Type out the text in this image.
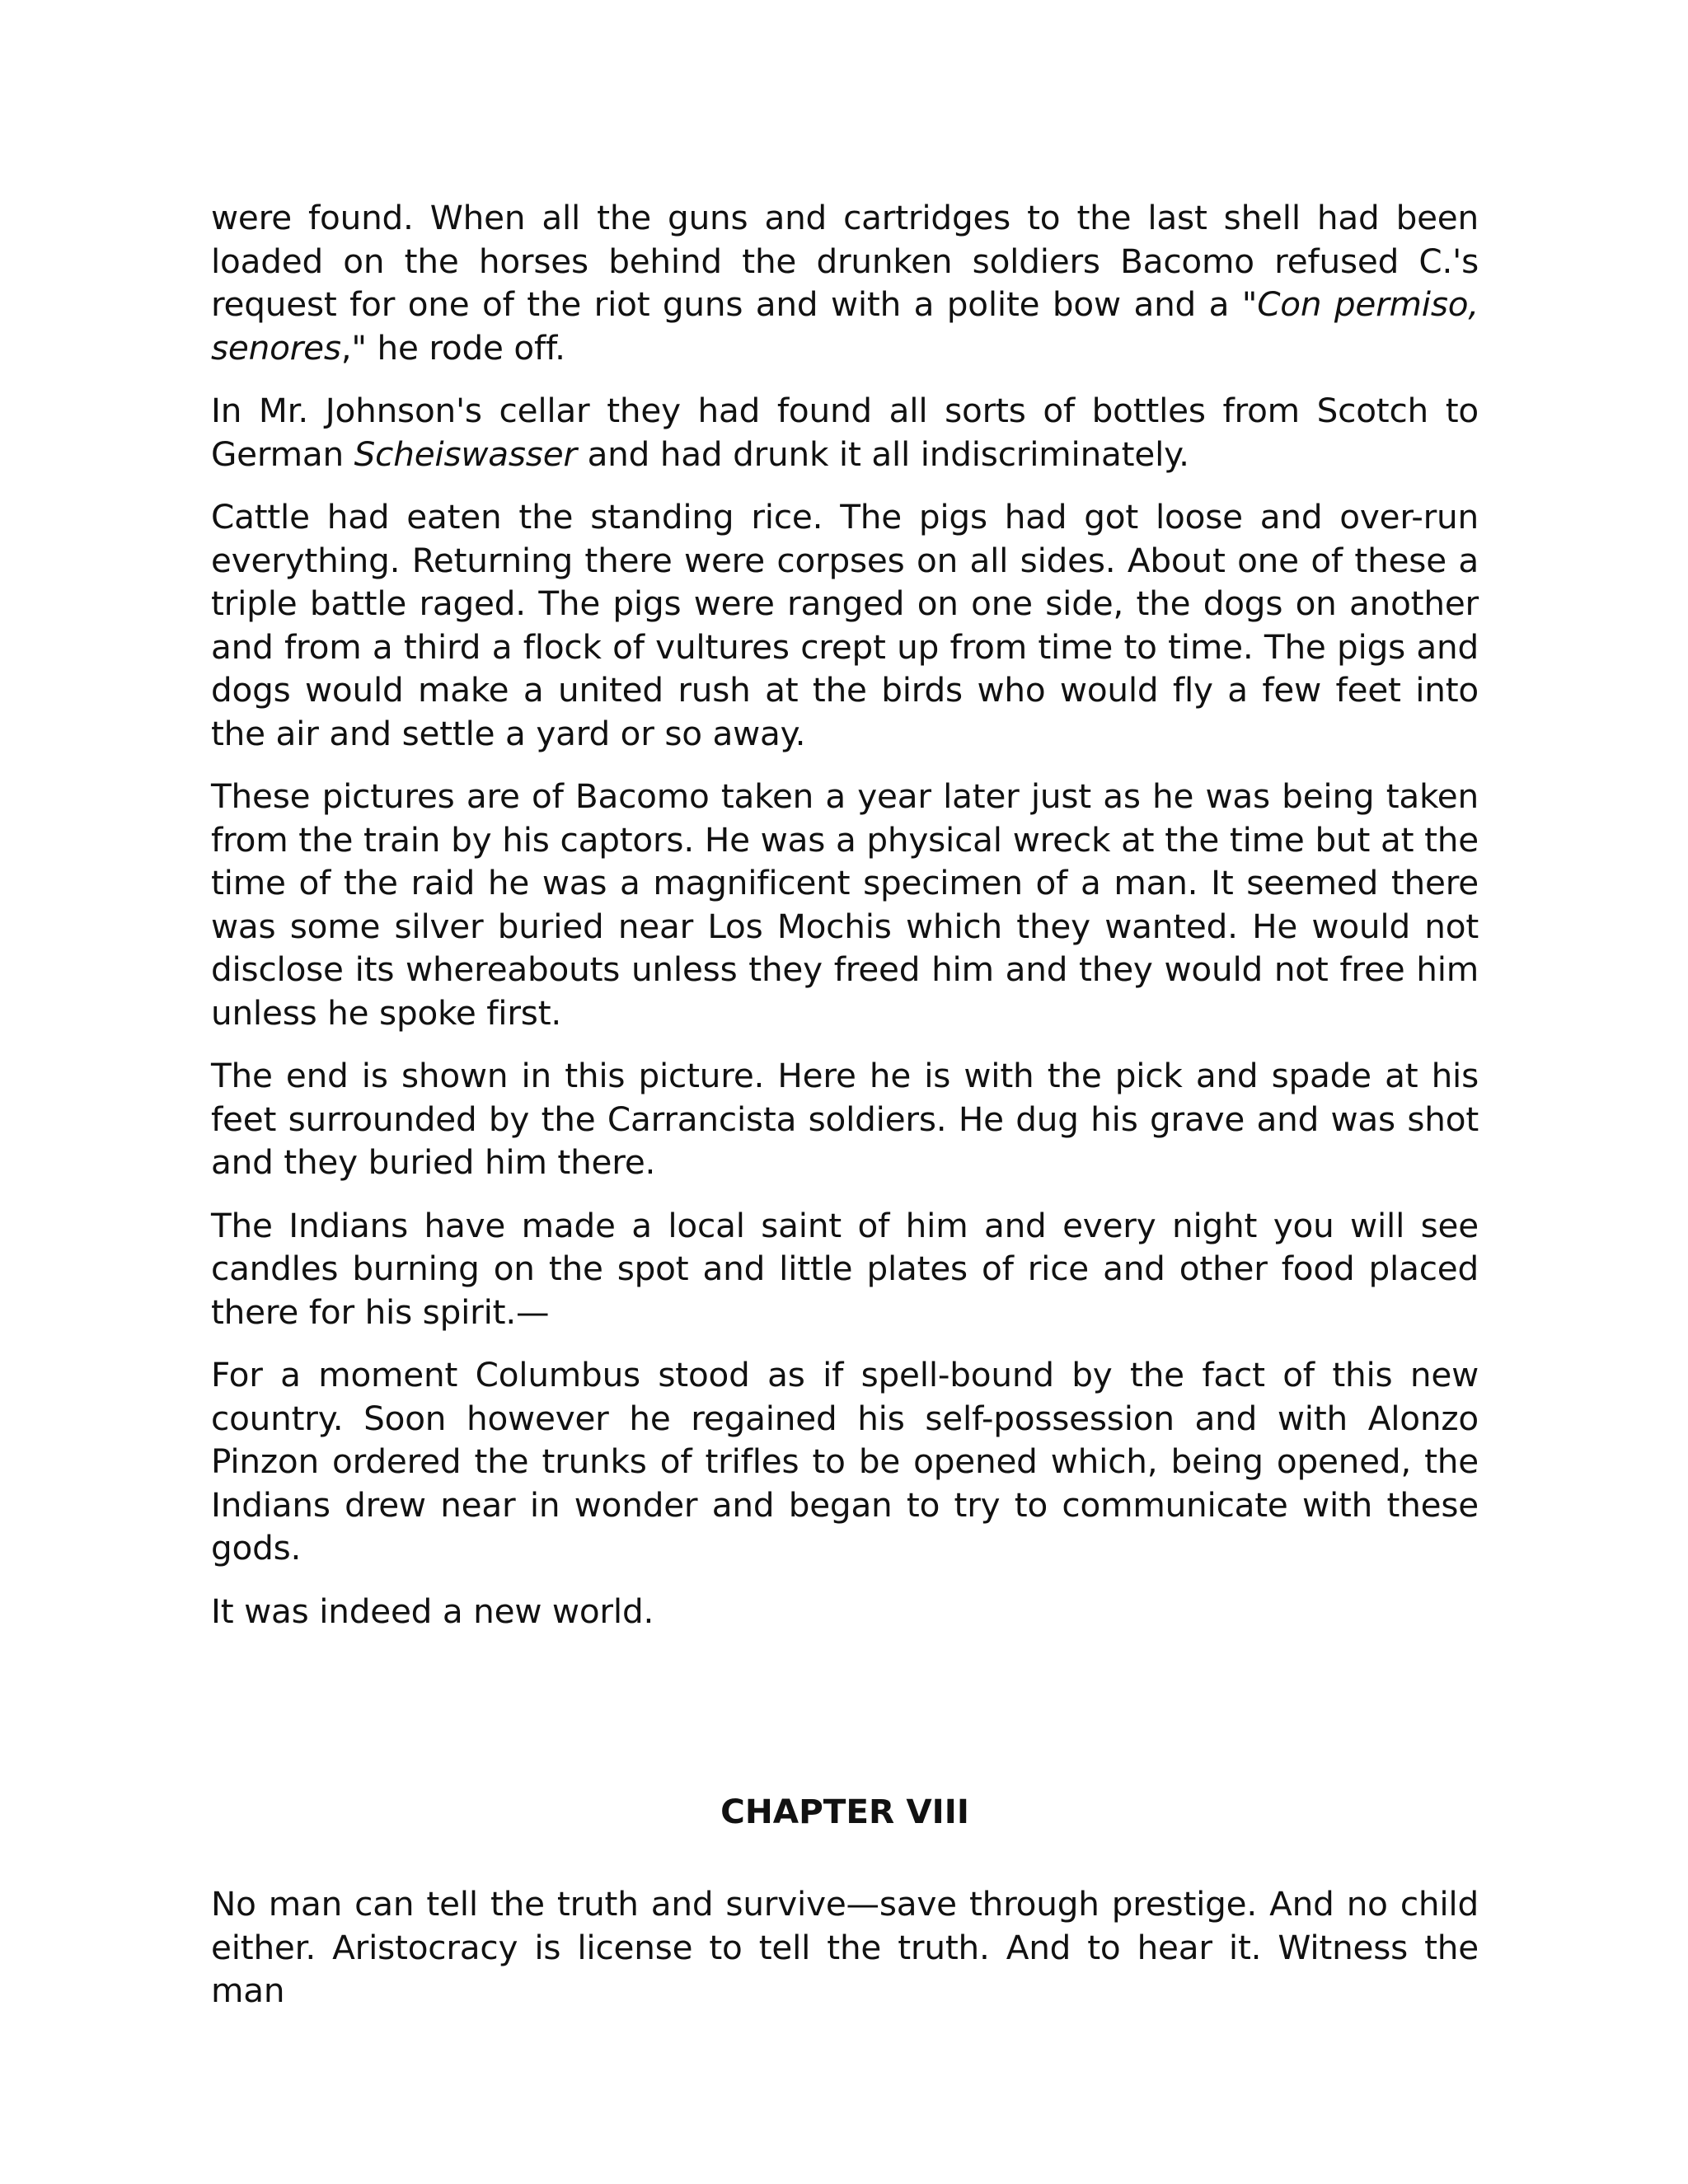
were found. When all the guns and cartridges to the last shell had been loaded on the horses behind the drunken soldiers Bacomo refused C.'s request for one of the riot guns and with a polite bow and a "Con permiso, senores," he rode off.

In Mr. Johnson's cellar they had found all sorts of bottles from Scotch to German Scheiswasser and had drunk it all indiscriminately.

Cattle had eaten the standing rice. The pigs had got loose and over-run everything. Returning there were corpses on all sides. About one of these a triple battle raged. The pigs were ranged on one side, the dogs on another and from a third a flock of vultures crept up from time to time. The pigs and dogs would make a united rush at the birds who would fly a few feet into the air and settle a yard or so away.

These pictures are of Bacomo taken a year later just as he was being taken from the train by his captors. He was a physical wreck at the time but at the time of the raid he was a magnificent specimen of a man. It seemed there was some silver buried near Los Mochis which they wanted. He would not disclose its whereabouts unless they freed him and they would not free him unless he spoke first.

The end is shown in this picture. Here he is with the pick and spade at his feet surrounded by the Carrancista soldiers. He dug his grave and was shot and they buried him there.

The Indians have made a local saint of him and every night you will see candles burning on the spot and little plates of rice and other food placed there for his spirit.—

For a moment Columbus stood as if spell-bound by the fact of this new country. Soon however he regained his self-possession and with Alonzo Pinzon ordered the trunks of trifles to be opened which, being opened, the Indians drew near in wonder and began to try to communicate with these gods.

It was indeed a new world.

CHAPTER VIII

No man can tell the truth and survive—save through prestige. And no child either. Aristocracy is license to tell the truth. And to hear it. Witness the man
